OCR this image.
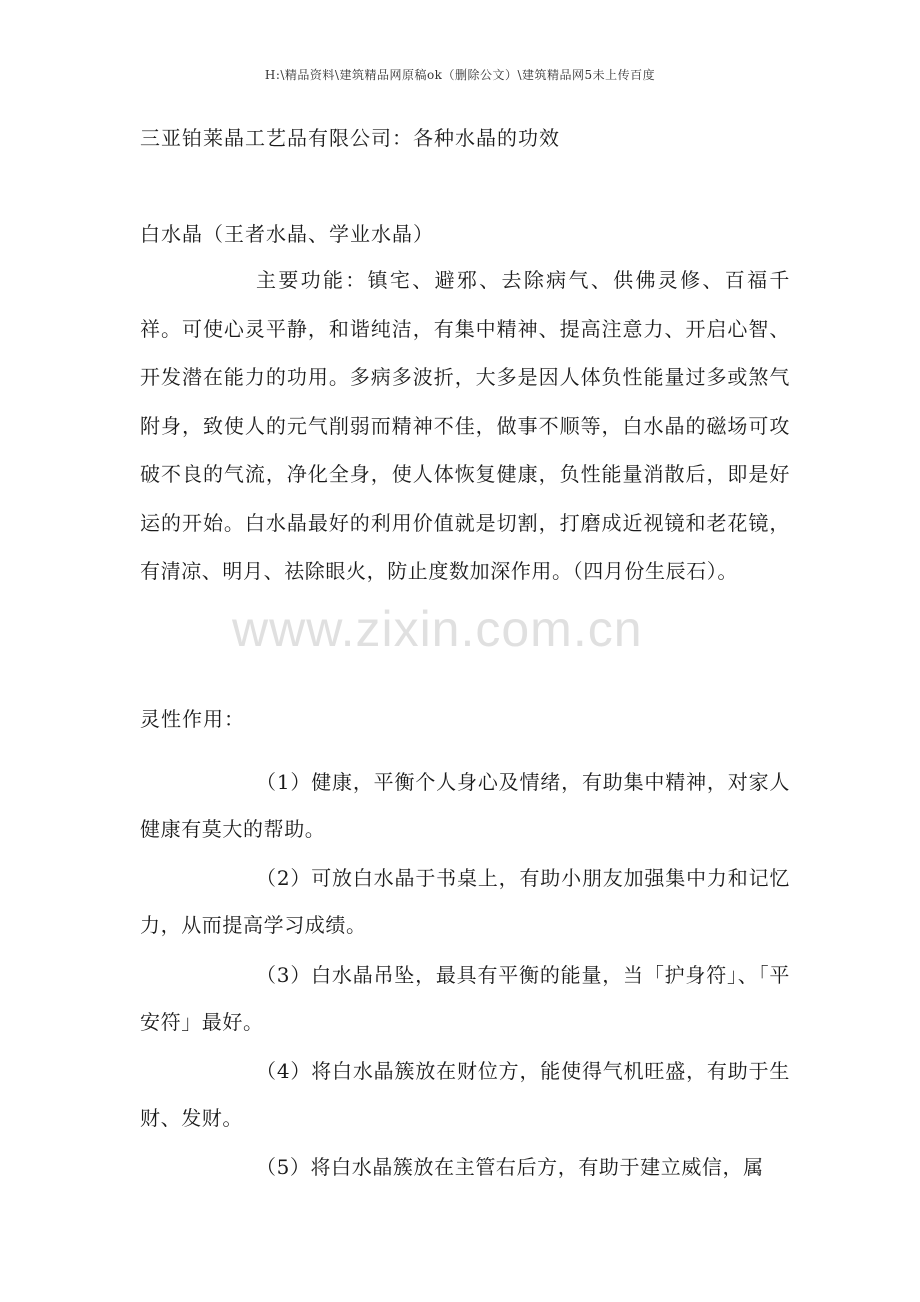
H:\精品资料\建筑精品网原稿ok（删除公文）\建筑精品网5未上传百度
三亚铂莱晶工艺品有限公司：各种水晶的功效
白水晶（王者水晶、学业水晶）
主要功能：镇宅、避邪、去除病气、供佛灵修、百福千祥。可使心灵平静，和谐纯洁，有集中精神、提高注意力、开启心智、开发潜在能力的功用。多病多波折，大多是因人体负性能量过多或煞气附身，致使人的元气削弱而精神不佳，做事不顺等，白水晶的磁场可攻破不良的气流，净化全身，使人体恢复健康，负性能量消散后，即是好运的开始。白水晶最好的利用价值就是切割，打磨成近视镜和老花镜，有清凉、明月、祛除眼火，防止度数加深作用。（四月份生辰石）。
灵性作用：
（1）健康，平衡个人身心及情绪，有助集中精神，对家人健康有莫大的帮助。
（2）可放白水晶于书桌上，有助小朋友加强集中力和记忆力，从而提高学习成绩。
（3）白水晶吊坠，最具有平衡的能量，当「护身符」、「平安符」最好。
（4）将白水晶簇放在财位方，能使得气机旺盛，有助于生财、发财。
（5）将白水晶簇放在主管右后方，有助于建立威信，属
www.zixin.com.cn
